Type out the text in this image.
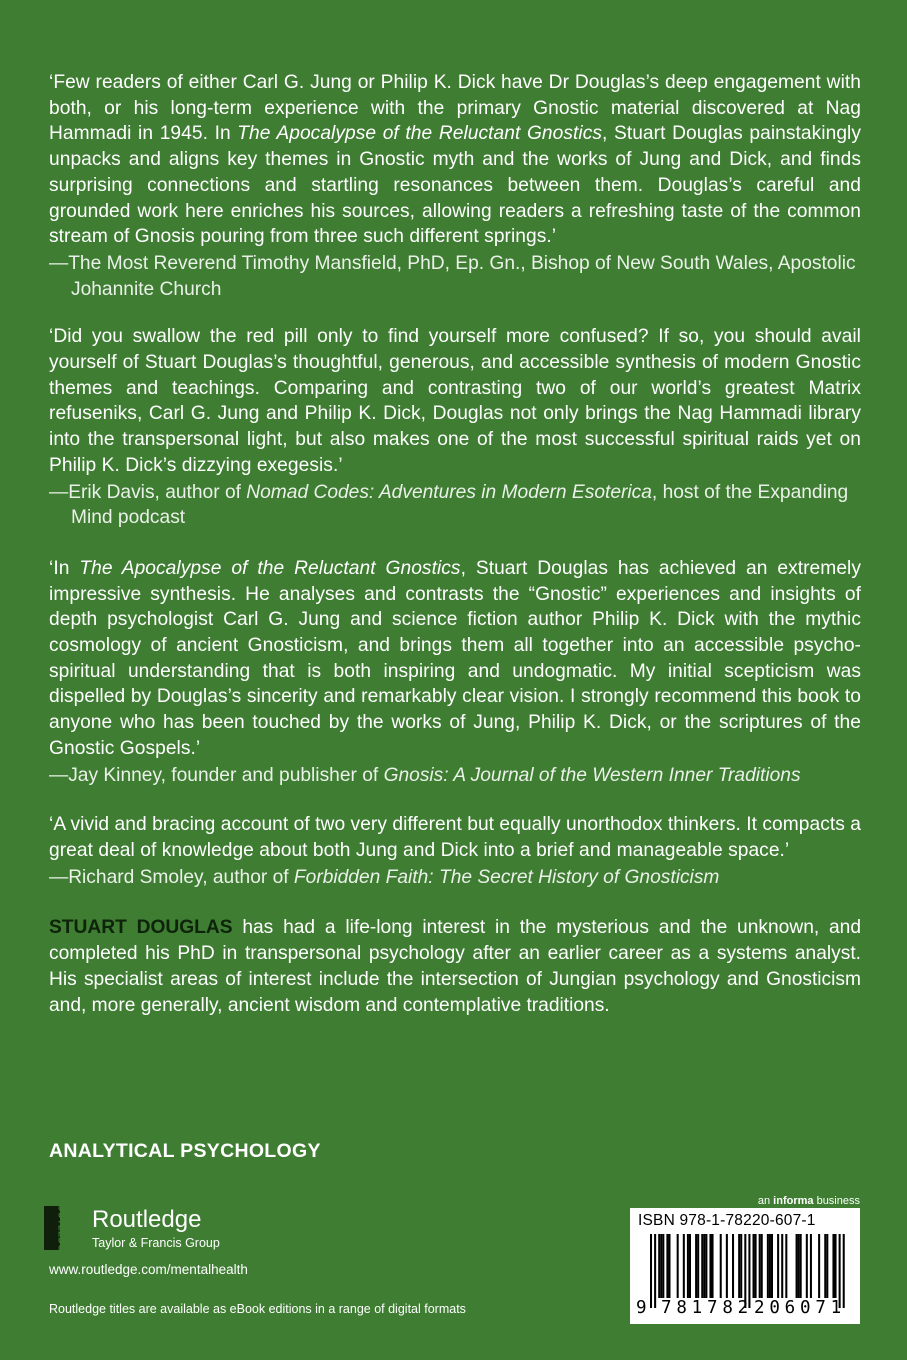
‘Few readers of either Carl G. Jung or Philip K. Dick have Dr Douglas’s deep engagement with both, or his long-term experience with the primary Gnostic material discovered at Nag Hammadi in 1945. In The Apocalypse of the Reluctant Gnostics, Stuart Douglas painstakingly unpacks and aligns key themes in Gnostic myth and the works of Jung and Dick, and finds surprising connections and startling resonances between them. Douglas’s careful and grounded work here enriches his sources, allowing readers a refreshing taste of the common stream of Gnosis pouring from three such different springs.’

—The Most Reverend Timothy Mansfield, PhD, Ep. Gn., Bishop of New South Wales, Apostolic Johannite Church

‘Did you swallow the red pill only to find yourself more confused? If so, you should avail yourself of Stuart Douglas’s thoughtful, generous, and accessible synthesis of modern Gnostic themes and teachings. Comparing and contrasting two of our world’s greatest Matrix refuseniks, Carl G. Jung and Philip K. Dick, Douglas not only brings the Nag Hammadi library into the transpersonal light, but also makes one of the most successful spiritual raids yet on Philip K. Dick’s dizzying exegesis.’

—Erik Davis, author of Nomad Codes: Adventures in Modern Esoterica, host of the Expanding Mind podcast

‘In The Apocalypse of the Reluctant Gnostics, Stuart Douglas has achieved an extremely impressive synthesis. He analyses and contrasts the “Gnostic” experiences and insights of depth psychologist Carl G. Jung and science fiction author Philip K. Dick with the mythic cosmology of ancient Gnosticism, and brings them all together into an accessible psycho-spiritual understanding that is both inspiring and undogmatic. My initial scepticism was dispelled by Douglas’s sincerity and remarkably clear vision. I strongly recommend this book to anyone who has been touched by the works of Jung, Philip K. Dick, or the scriptures of the Gnostic Gospels.’

—Jay Kinney, founder and publisher of Gnosis: A Journal of the Western Inner Traditions

‘A vivid and bracing account of two very different but equally unorthodox thinkers. It compacts a great deal of knowledge about both Jung and Dick into a brief and manageable space.’

—Richard Smoley, author of Forbidden Faith: The Secret History of Gnosticism

STUART DOUGLAS has had a life-long interest in the mysterious and the unknown, and completed his PhD in transpersonal psychology after an earlier career as a systems analyst. His specialist areas of interest include the intersection of Jungian psychology and Gnosticism and, more generally, ancient wisdom and contemplative traditions.

ANALYTICAL PSYCHOLOGY
ROUTLEDGE Routledge
Taylor & Francis Group
www.routledge.com/mentalhealth
Routledge titles are available as eBook editions in a range of digital formats
an informa business
ISBN 978-1-78220-607-1
9 781782 206071
